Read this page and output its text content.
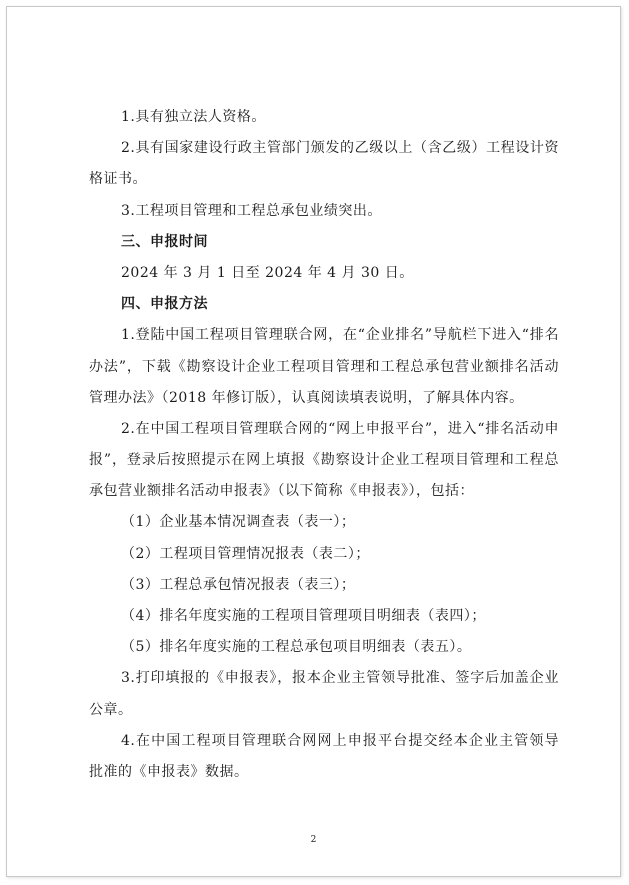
1.具有独立法人资格。
2.具有国家建设行政主管部门颁发的乙级以上（含乙级）工程设计资
格证书。
3.工程项目管理和工程总承包业绩突出。
三、申报时间
2024 年 3 月 1 日至 2024 年 4 月 30 日。
四、申报方法
1.登陆中国工程项目管理联合网，在“企业排名”导航栏下进入“排名
办法”，下载《勘察设计企业工程项目管理和工程总承包营业额排名活动
管理办法》（2018 年修订版），认真阅读填表说明，了解具体内容。
2.在中国工程项目管理联合网的“网上申报平台”，进入“排名活动申
报”，登录后按照提示在网上填报《勘察设计企业工程项目管理和工程总
承包营业额排名活动申报表》（以下简称《申报表》），包括：
（1）企业基本情况调查表（表一）；
（2）工程项目管理情况报表（表二）；
（3）工程总承包情况报表（表三）；
（4）排名年度实施的工程项目管理项目明细表（表四）；
（5）排名年度实施的工程总承包项目明细表（表五）。
3.打印填报的《申报表》，报本企业主管领导批准、签字后加盖企业
公章。
4.在中国工程项目管理联合网网上申报平台提交经本企业主管领导
批准的《申报表》数据。
2
